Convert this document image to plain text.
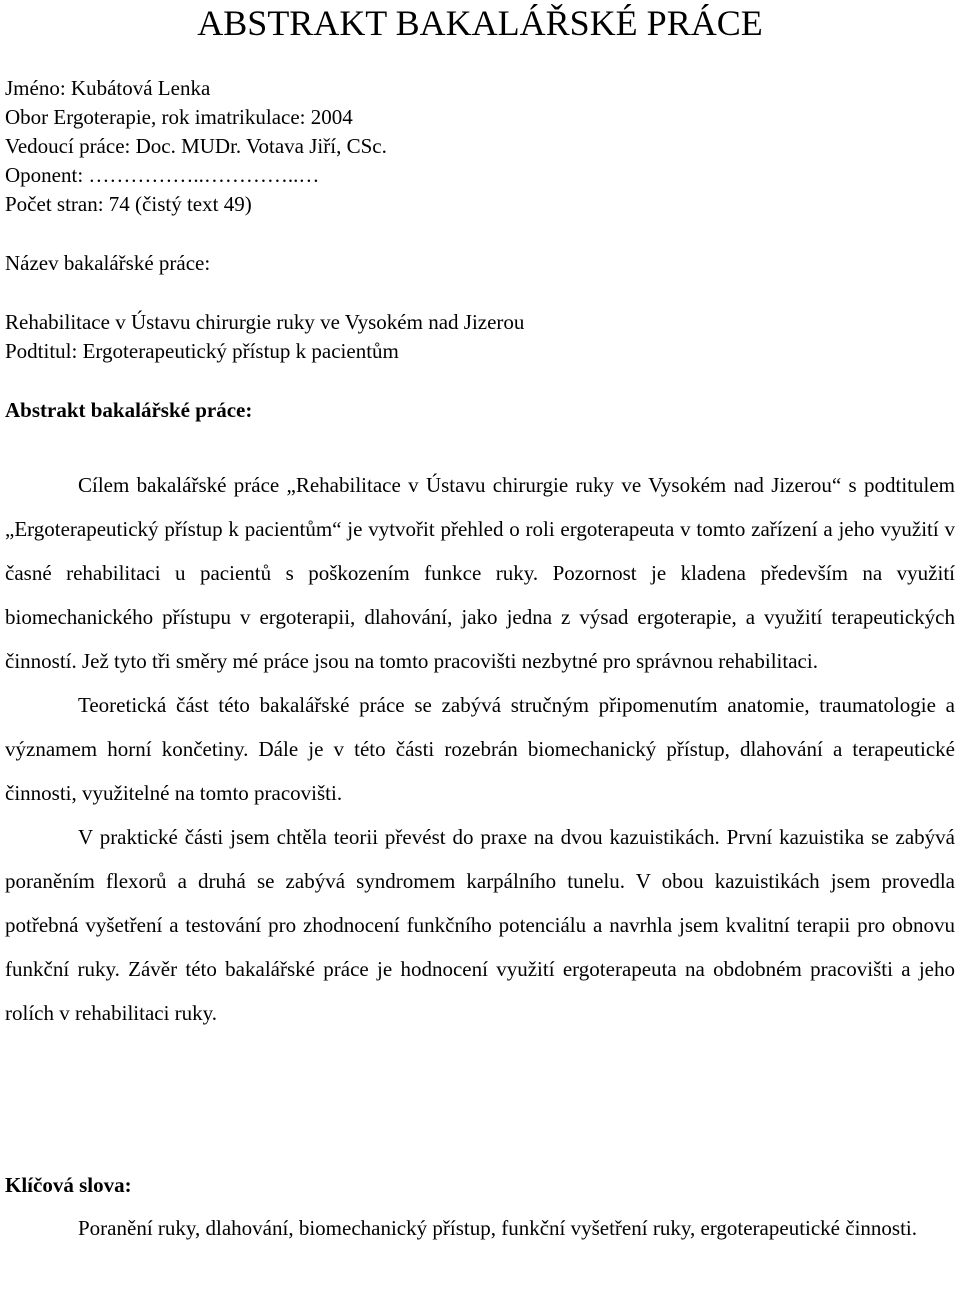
ABSTRAKT BAKALÁŘSKÉ PRÁCE
Jméno: Kubátová Lenka
Obor Ergoterapie, rok imatrikulace: 2004
Vedoucí práce: Doc. MUDr. Votava Jiří, CSc.
Oponent: ……………..…………..…
Počet stran: 74 (čistý text 49)
Název bakalářské práce:
Rehabilitace v Ústavu chirurgie ruky ve Vysokém nad Jizerou
Podtitul: Ergoterapeutický přístup k pacientům
Abstrakt bakalářské práce:

Cílem bakalářské práce „Rehabilitace v Ústavu chirurgie ruky ve Vysokém nad Jizerou“ s podtitulem „Ergoterapeutický přístup k pacientům“ je vytvořit přehled o roli ergoterapeuta v tomto zařízení a jeho využití v časné rehabilitaci u pacientů s poškozením funkce ruky. Pozornost je kladena především na využití biomechanického přístupu v ergoterapii, dlahování, jako jedna z výsad ergoterapie, a využití terapeutických činností. Jež tyto tři směry mé práce jsou na tomto pracovišti nezbytné pro správnou rehabilitaci.

Teoretická část této bakalářské práce se zabývá stručným připomenutím anatomie, traumatologie a významem horní končetiny. Dále je v této části rozebrán biomechanický přístup, dlahování a terapeutické činnosti, využitelné na tomto pracovišti.

V praktické části jsem chtěla teorii převést do praxe na dvou kazuistikách. První kazuistika se zabývá poraněním flexorů a druhá se zabývá syndromem karpálního tunelu. V obou kazuistikách jsem provedla potřebná vyšetření a testování pro zhodnocení funkčního potenciálu a navrhla jsem kvalitní terapii pro obnovu funkční ruky. Závěr této bakalářské práce je hodnocení využití ergoterapeuta na obdobném pracovišti a jeho rolích v rehabilitaci ruky.

Klíčová slova:
Poranění ruky, dlahování, biomechanický přístup, funkční vyšetření ruky, ergoterapeutické činnosti.
